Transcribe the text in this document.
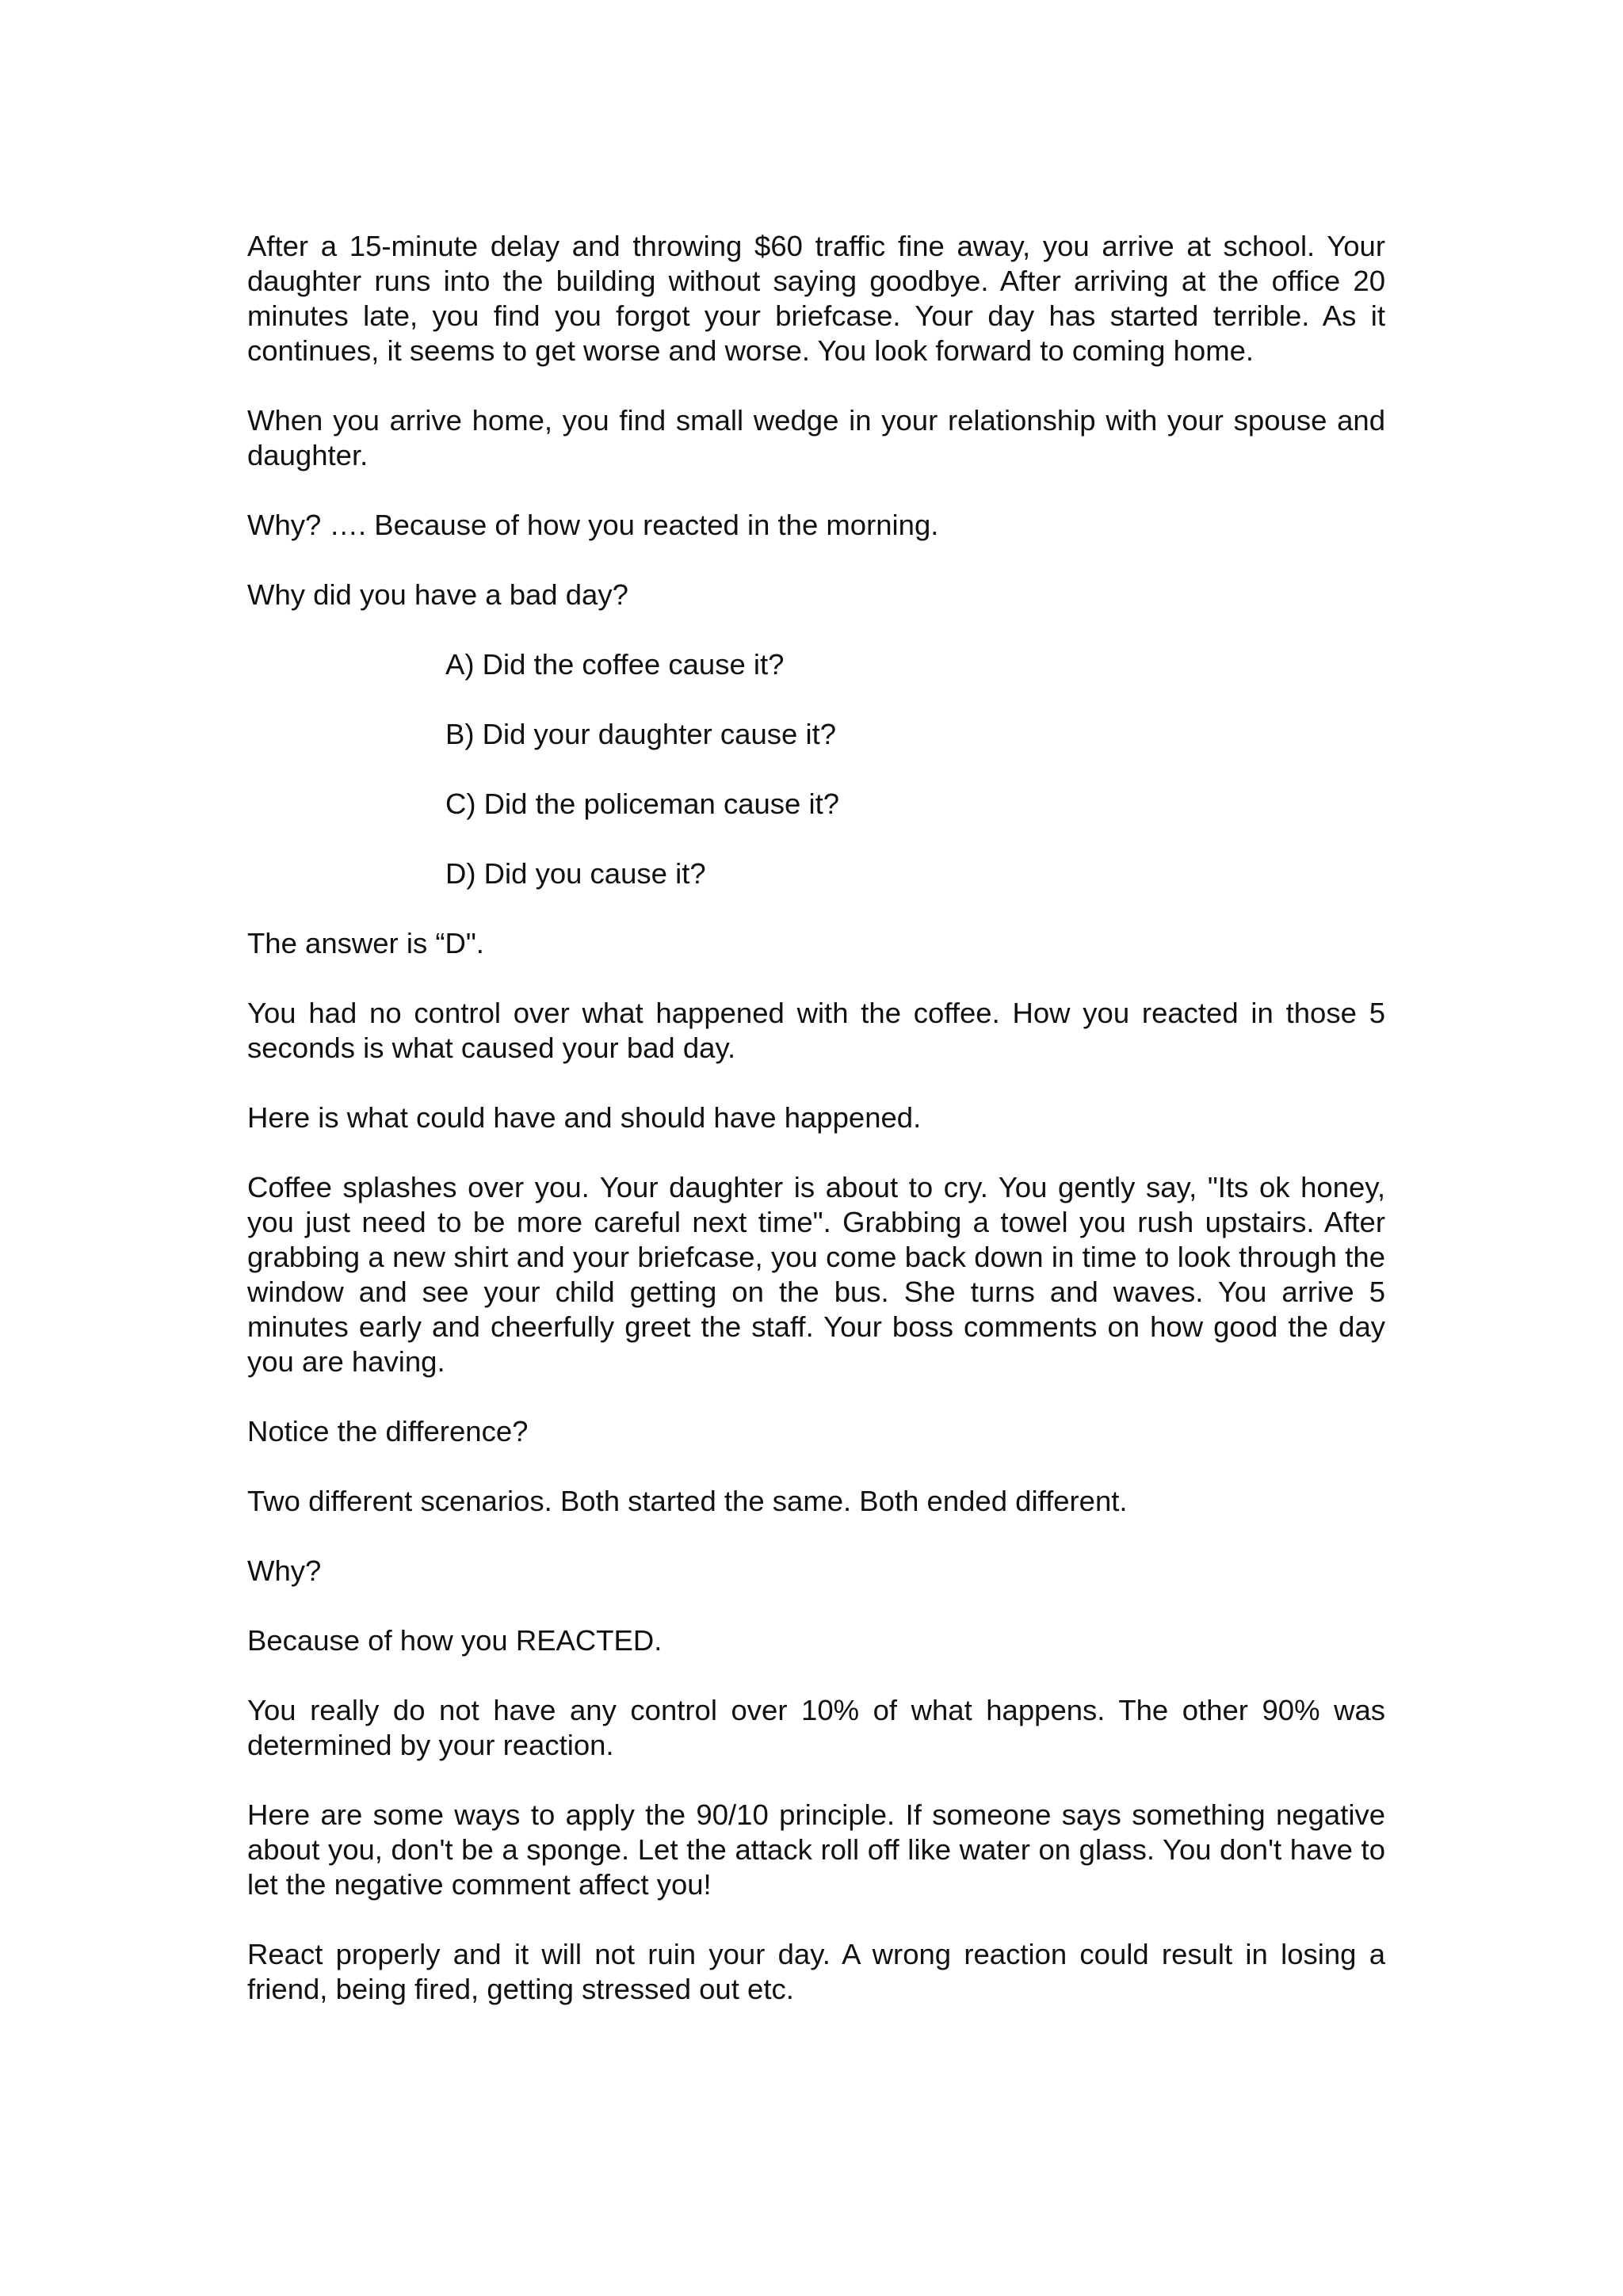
After a 15-minute delay and throwing $60 traffic fine away, you arrive at school. Your daughter runs into the building without saying goodbye. After arriving at the office 20 minutes late, you find you forgot your briefcase. Your day has started terrible. As it continues, it seems to get worse and worse. You look forward to coming home.

When you arrive home, you find small wedge in your relationship with your spouse and daughter.

Why? …. Because of how you reacted in the morning.

Why did you have a bad day?

A) Did the coffee cause it?
B) Did your daughter cause it?
C) Did the policeman cause it?
D) Did you cause it?

The answer is “D".

You had no control over what happened with the coffee. How you reacted in those 5 seconds is what caused your bad day.

Here is what could have and should have happened.

Coffee splashes over you. Your daughter is about to cry. You gently say, "Its ok honey, you just need to be more careful next time". Grabbing a towel you rush upstairs. After grabbing a new shirt and your briefcase, you come back down in time to look through the window and see your child getting on the bus. She turns and waves. You arrive 5 minutes early and cheerfully greet the staff. Your boss comments on how good the day you are having.

Notice the difference?

Two different scenarios. Both started the same. Both ended different.

Why?

Because of how you REACTED.

You really do not have any control over 10% of what happens. The other 90% was determined by your reaction.

Here are some ways to apply the 90/10 principle. If someone says something negative about you, don't be a sponge. Let the attack roll off like water on glass. You don't have to let the negative comment affect you!

React properly and it will not ruin your day. A wrong reaction could result in losing a friend, being fired, getting stressed out etc.
